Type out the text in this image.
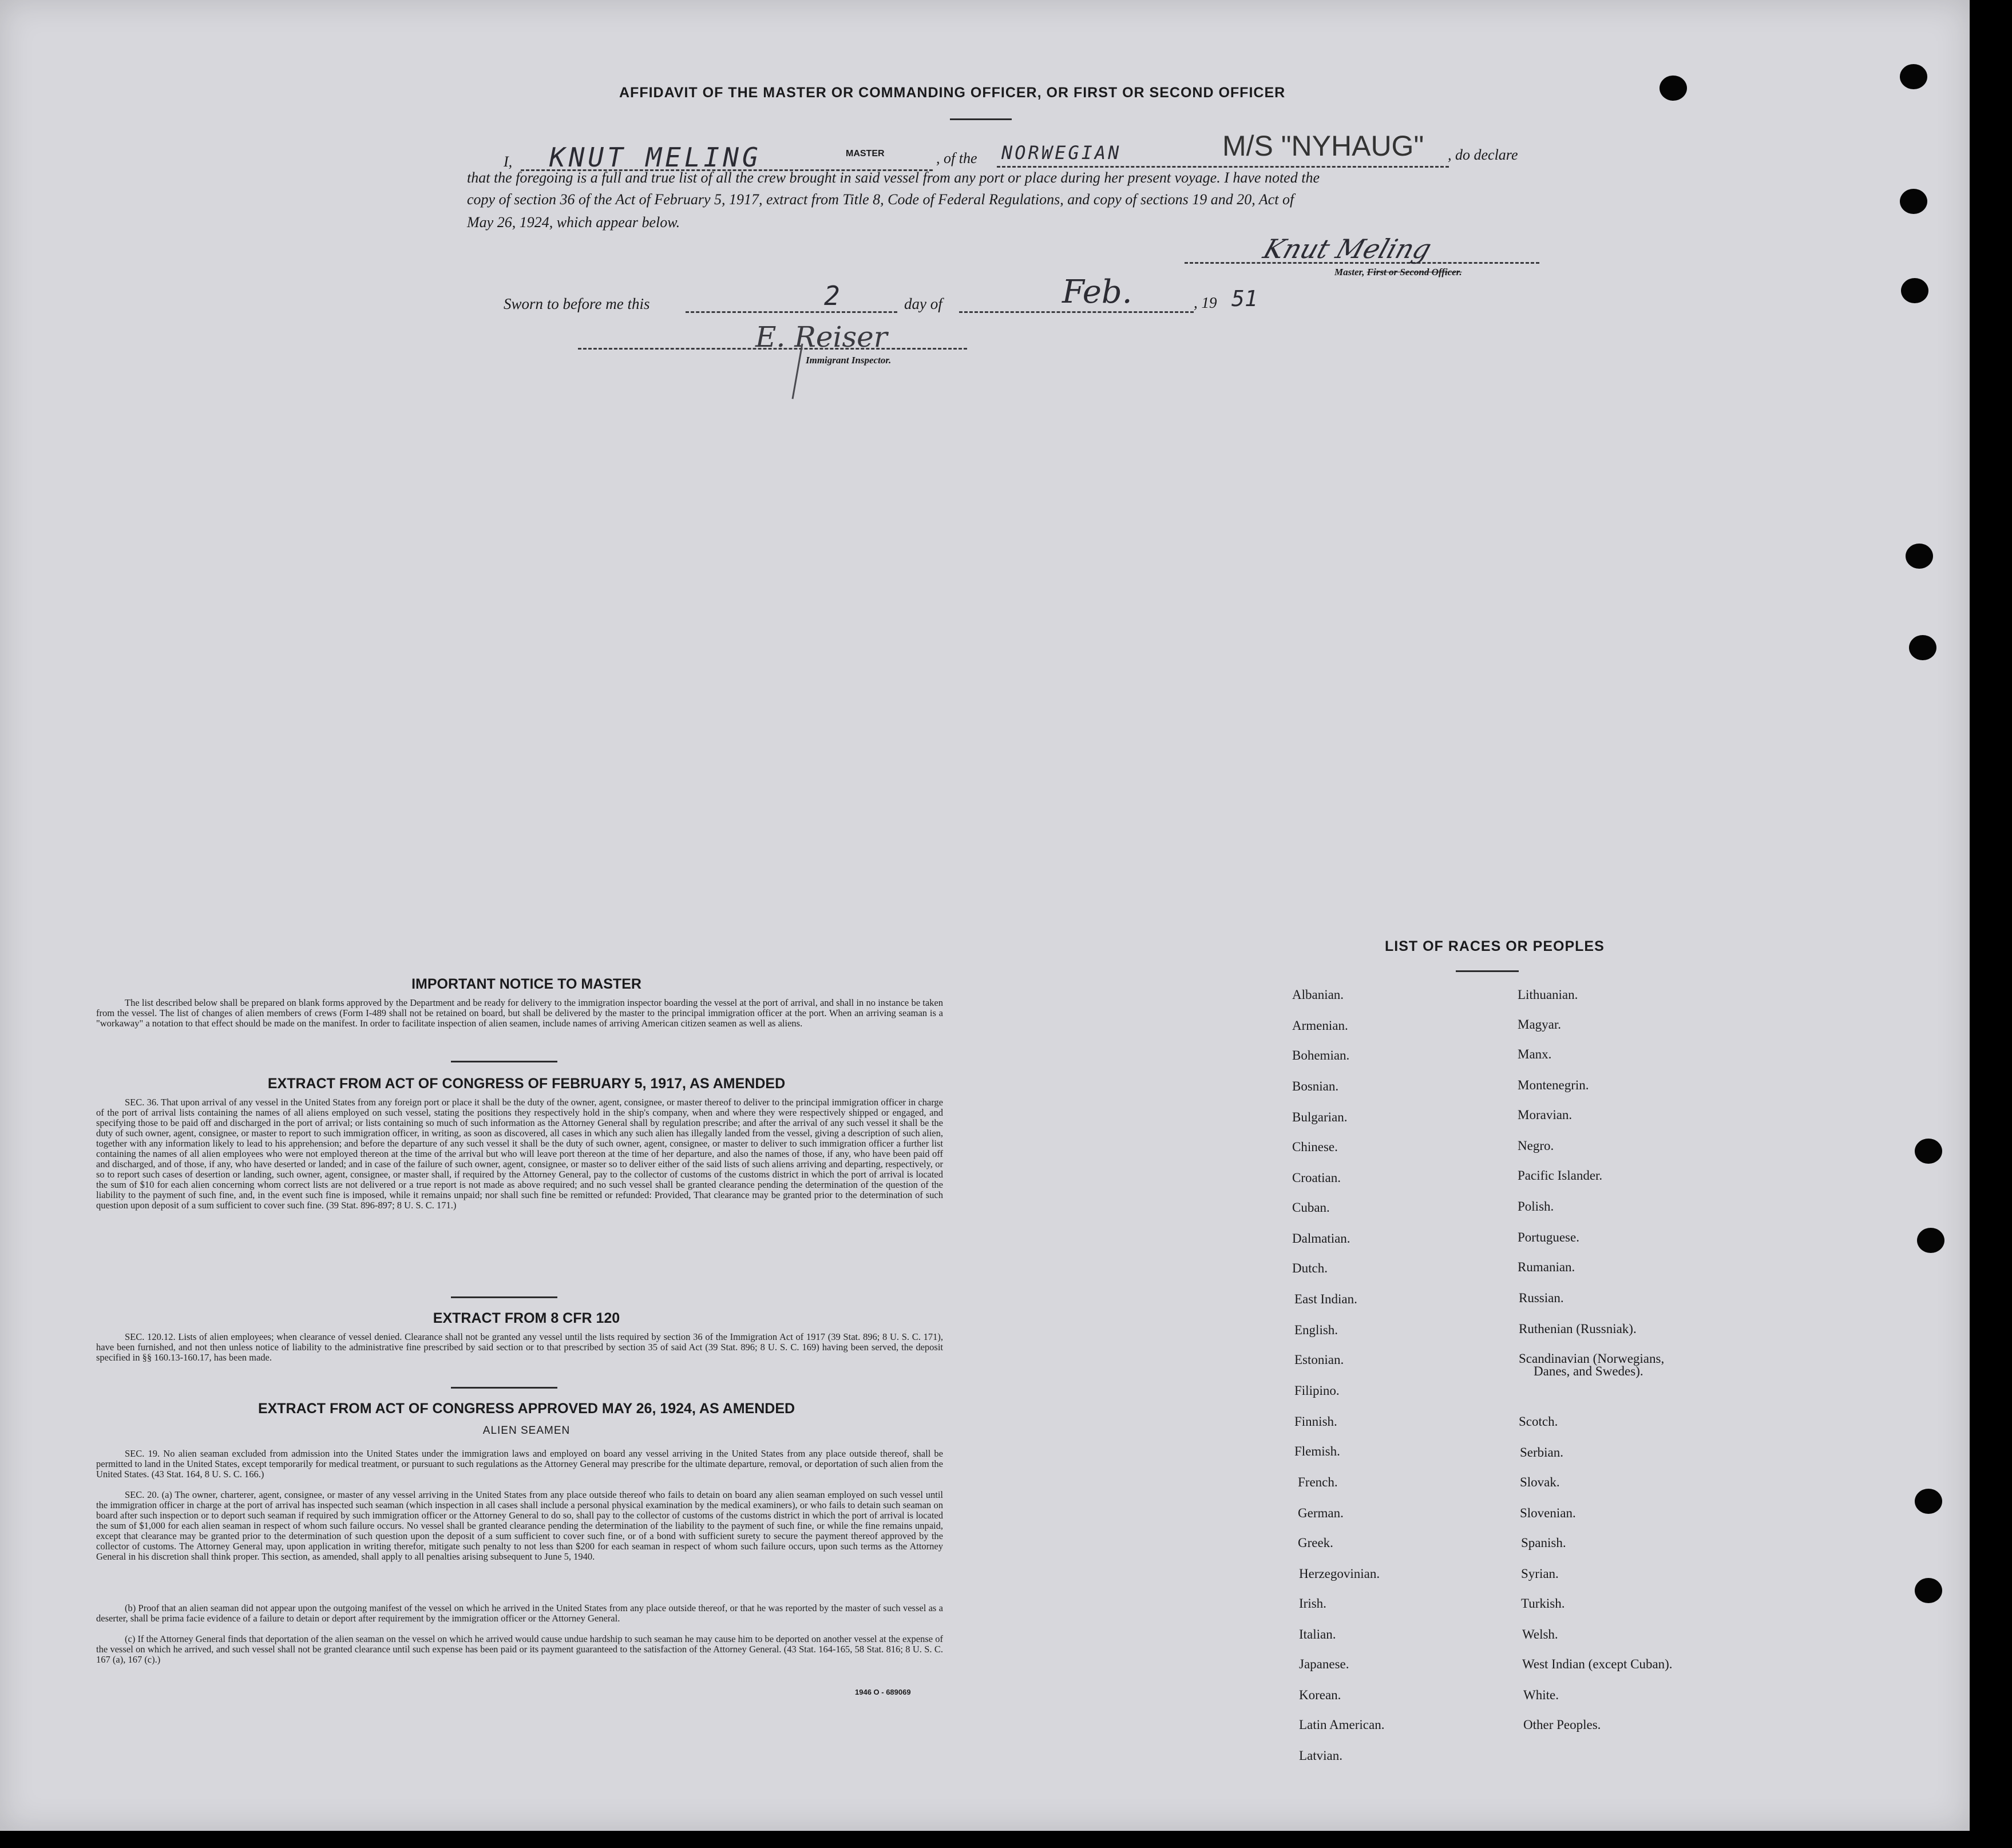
AFFIDAVIT OF THE MASTER OR COMMANDING OFFICER, OR FIRST OR SECOND OFFICER
I, KNUT MELING	MASTER	, of the NORWEGIAN	M/S "NYHAUG" , do declare
that the foregoing is a full and true list of all the crew brought in said vessel from any port or place during her present voyage. I have noted the
copy of section 36 of the Act of February 5, 1917, extract from Title 8, Code of Federal Regulations, and copy of sections 19 and 20, Act of
May 26, 1924, which appear below.
Knut Meling
Master, First or Second Officer.
Sworn to before me this	2	day of	Feb.	, 19 51
E. Reiser
Immigrant Inspector.
IMPORTANT NOTICE TO MASTER
The list described below shall be prepared on blank forms approved by the Department and be ready for delivery to the immigration inspector boarding the vessel at the port of arrival, and shall in no instance be taken from the vessel. The list of changes of alien members of crews (Form I-489 shall not be retained on board, but shall be delivered by the master to the principal immigration officer at the port. When an arriving seaman is a "workaway" a notation to that effect should be made on the manifest. In order to facilitate inspection of alien seamen, include names of arriving American citizen seamen as well as aliens.
EXTRACT FROM ACT OF CONGRESS OF FEBRUARY 5, 1917, AS AMENDED
SEC. 36. That upon arrival of any vessel in the United States from any foreign port or place it shall be the duty of the owner, agent, consignee, or master thereof to deliver to the principal immigration officer in charge of the port of arrival lists containing the names of all aliens employed on such vessel, stating the positions they respectively hold in the ship's company, when and where they were respectively shipped or engaged, and specifying those to be paid off and discharged in the port of arrival; or lists containing so much of such information as the Attorney General shall by regulation prescribe; and after the arrival of any such vessel it shall be the duty of such owner, agent, consignee, or master to report to such immigration officer, in writing, as soon as discovered, all cases in which any such alien has illegally landed from the vessel, giving a description of such alien, together with any information likely to lead to his apprehension; and before the departure of any such vessel it shall be the duty of such owner, agent, consignee, or master to deliver to such immigration officer a further list containing the names of all alien employees who were not employed thereon at the time of the arrival but who will leave port thereon at the time of her departure, and also the names of those, if any, who have been paid off and discharged, and of those, if any, who have deserted or landed; and in case of the failure of such owner, agent, consignee, or master so to deliver either of the said lists of such aliens arriving and departing, respectively, or so to report such cases of desertion or landing, such owner, agent, consignee, or master shall, if required by the Attorney General, pay to the collector of customs of the customs district in which the port of arrival is located the sum of $10 for each alien concerning whom correct lists are not delivered or a true report is not made as above required; and no such vessel shall be granted clearance pending the determination of the question of the liability to the payment of such fine, and, in the event such fine is imposed, while it remains unpaid; nor shall such fine be remitted or refunded: Provided, That clearance may be granted prior to the determination of such question upon deposit of a sum sufficient to cover such fine. (39 Stat. 896-897; 8 U. S. C. 171.)
EXTRACT FROM 8 CFR 120
SEC. 120.12. Lists of alien employees; when clearance of vessel denied. Clearance shall not be granted any vessel until the lists required by section 36 of the Immigration Act of 1917 (39 Stat. 896; 8 U. S. C. 171), have been furnished, and not then unless notice of liability to the administrative fine prescribed by said section or to that prescribed by section 35 of said Act (39 Stat. 896; 8 U. S. C. 169) having been served, the deposit specified in §§ 160.13-160.17, has been made.
EXTRACT FROM ACT OF CONGRESS APPROVED MAY 26, 1924, AS AMENDED
ALIEN SEAMEN
SEC. 19. No alien seaman excluded from admission into the United States under the immigration laws and employed on board any vessel arriving in the United States from any place outside thereof, shall be permitted to land in the United States, except temporarily for medical treatment, or pursuant to such regulations as the Attorney General may prescribe for the ultimate departure, removal, or deportation of such alien from the United States. (43 Stat. 164, 8 U. S. C. 166.)
SEC. 20. (a) The owner, charterer, agent, consignee, or master of any vessel arriving in the United States from any place outside thereof who fails to detain on board any alien seaman employed on such vessel until the immigration officer in charge at the port of arrival has inspected such seaman (which inspection in all cases shall include a personal physical examination by the medical examiners), or who fails to detain such seaman on board after such inspection or to deport such seaman if required by such immigration officer or the Attorney General to do so, shall pay to the collector of customs of the customs district in which the port of arrival is located the sum of $1,000 for each alien seaman in respect of whom such failure occurs. No vessel shall be granted clearance pending the determination of the liability to the payment of such fine, or while the fine remains unpaid, except that clearance may be granted prior to the determination of such question upon the deposit of a sum sufficient to cover such fine, or of a bond with sufficient surety to secure the payment thereof approved by the collector of customs. The Attorney General may, upon application in writing therefor, mitigate such penalty to not less than $200 for each seaman in respect of whom such failure occurs, upon such terms as the Attorney General in his discretion shall think proper. This section, as amended, shall apply to all penalties arising subsequent to June 5, 1940.
(b) Proof that an alien seaman did not appear upon the outgoing manifest of the vessel on which he arrived in the United States from any place outside thereof, or that he was reported by the master of such vessel as a deserter, shall be prima facie evidence of a failure to detain or deport after requirement by the immigration officer or the Attorney General.
(c) If the Attorney General finds that deportation of the alien seaman on the vessel on which he arrived would cause undue hardship to such seaman he may cause him to be deported on another vessel at the expense of the vessel on which he arrived, and such vessel shall not be granted clearance until such expense has been paid or its payment guaranteed to the satisfaction of the Attorney General. (43 Stat. 164-165, 58 Stat. 816; 8 U. S. C. 167 (a), 167 (c).)
1946 O - 689069
LIST OF RACES OR PEOPLES
Albanian.
Armenian.
Bohemian.
Bosnian.
Bulgarian.
Chinese.
Croatian.
Cuban.
Dalmatian.
Dutch.
East Indian.
English.
Estonian.
Filipino.
Finnish.
Flemish.
French.
German.
Greek.
Herzegovinian.
Irish.
Italian.
Japanese.
Korean.
Latin American.
Latvian.
Lithuanian.
Magyar.
Manx.
Montenegrin.
Moravian.
Negro.
Pacific Islander.
Polish.
Portuguese.
Rumanian.
Russian.
Ruthenian (Russniak).
Scandinavian (Norwegians,
Danes, and Swedes).
Scotch.
Serbian.
Slovak.
Slovenian.
Spanish.
Syrian.
Turkish.
Welsh.
West Indian (except Cuban).
White.
Other Peoples.
